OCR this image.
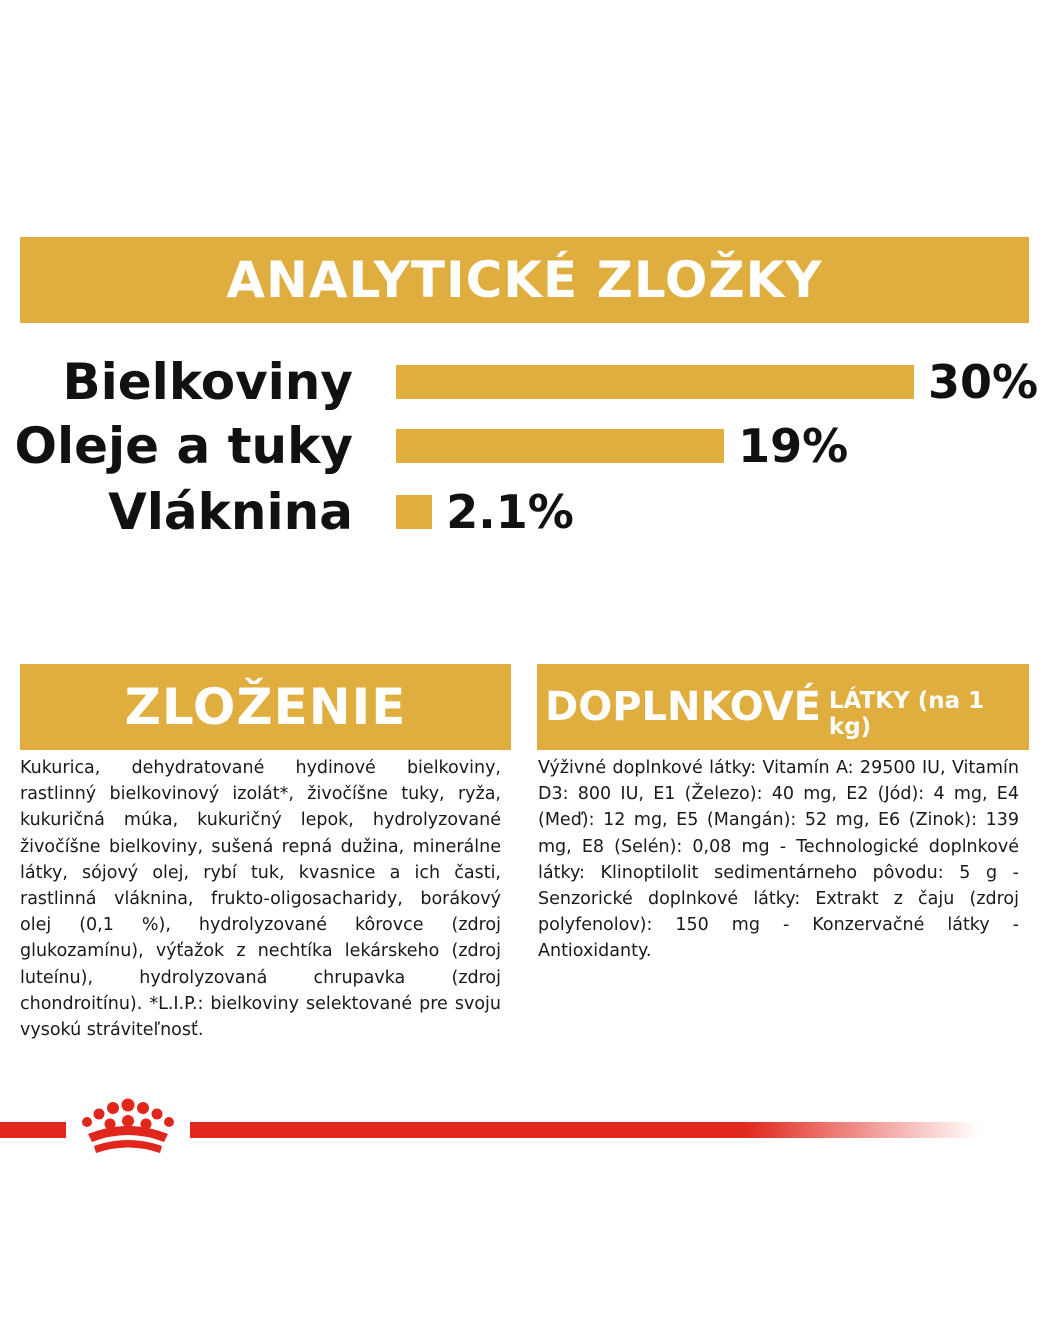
ANALYTICKÉ ZLOŽKY
Bielkoviny	30%
Oleje a tuky	19%
Vláknina 2.1%
ZLOŽENIE
Kukurica, dehydratované hydinové bielkoviny, rastlinný bielkovinový izolát*, živočíšne tuky, ryža, kukuričná múka, kukuričný lepok, hydrolyzované živočíšne bielkoviny, sušená repná dužina, minerálne látky, sójový olej, rybí tuk, kvasnice a ich časti, rastlinná vláknina, frukto-oligosacharidy, borákový olej (0,1 %), hydrolyzované kôrovce (zdroj glukozamínu), výťažok z nechtíka lekárskeho (zdroj luteínu), hydrolyzovaná chrupavka (zdroj chondroitínu). *L.I.P.: bielkoviny selektované pre svoju vysokú stráviteľnosť.
DOPLNKOVÉ LÁTKY (na 1 kg)
Výživné doplnkové látky: Vitamín A: 29500 IU, Vitamín D3: 800 IU, E1 (Železo): 40 mg, E2 (Jód): 4 mg, E4 (Meď): 12 mg, E5 (Mangán): 52 mg, E6 (Zinok): 139 mg, E8 (Selén): 0,08 mg - Technologické doplnkové látky: Klinoptilolit sedimentárneho pôvodu: 5 g - Senzorické doplnkové látky: Extrakt z čaju (zdroj polyfenolov): 150 mg - Konzervačné látky - Antioxidanty.
